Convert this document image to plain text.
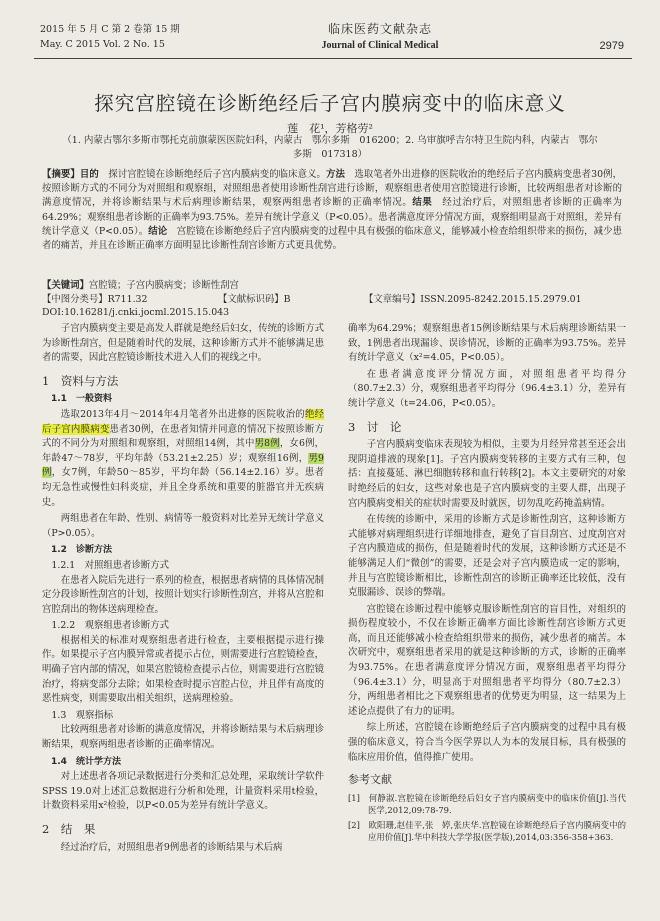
2015 年 5 月 C 第 2 卷第 15 期
May. C 2015 Vol. 2 No. 15
临床医药文献杂志
Journal of Clinical Medical	2979
探究宫腔镜在诊断绝经后子宫内膜病变中的临床意义
莲　花¹，芳格劳²
（1. 内蒙古鄂尔多斯市鄂托克前旗蒙医医院妇科，内蒙古　鄂尔多斯　016200；2. 乌审旗呼吉尔特卫生院内科，内蒙古　鄂尔多斯　017318）
【摘要】目的　探讨宫腔镜在诊断绝经后子宫内膜病变的临床意义。方法　选取笔者外出进修的医院收治的绝经后子宫内膜病变患者30例，按照诊断方式的不同分为对照组和观察组，对照组患者使用诊断性刮宫进行诊断，观察组患者使用宫腔镜进行诊断，比较两组患者对诊断的满意度情况，并将诊断结果与术后病理诊断结果，观察两组患者诊断的正确率情况。结果　经过治疗后，对照组患者诊断的正确率为64.29%；观察组患者诊断的正确率为93.75%。差异有统计学意义（P<0.05）。患者满意度评分情况方面，观察组明显高于对照组，差异有统计学意义（P<0.05）。结论　宫腔镜在诊断绝经后子宫内膜病变的过程中具有极强的临床意义，能够减小检查给组织带来的损伤，减少患者的痛苦，并且在诊断正确率方面明显比诊断性刮宫诊断方式更具优势。
【关键词】宫腔镜；子宫内膜病变；诊断性刮宫
【中图分类号】R711.32	【文献标识码】B	【文章编号】ISSN.2095-8242.2015.15.2979.01
DOI:10.16281/j.cnki.jocml.2015.15.043

子宫内膜病变主要是高发人群就是绝经后妇女，传统的诊断方式为诊断性刮宫，但是随着时代的发展，这种诊断方式并不能够满足患者的需要，因此宫腔镜诊断技术进入人们的视线之中。

1　资料与方法

1.1　一般资料

选取2013年4月～2014年4月笔者外出进修的医院收治的绝经后子宫内膜病变患者30例，在患者知情并同意的情况下按照诊断方式的不同分为对照组和观察组，对照组14例，其中男8例，女6例，年龄47～78岁，平均年龄（53.21±2.25）岁；观察组16例，男9例，女7例，年龄50～85岁，平均年龄（56.14±2.16）岁。患者均无急性或慢性妇科炎症，并且全身系统和重要的脏器官并无疾病史。

两组患者在年龄、性别、病情等一般资料对比差异无统计学意义（P>0.05）。

1.2　诊断方法

1.2.1　对照组患者诊断方式

在患者入院后先进行一系列的检查，根据患者病情的具体情况制定分段诊断性刮宫的计划，按照计划实行诊断性刮宫，并将从宫腔和宫腔刮出的物体送病理检查。

1.2.2　观察组患者诊断方式

根据相关的标准对观察组患者进行检查，主要根据提示进行操作。如果提示子宫内膜异常或者提示占位，则需要进行宫腔镜检查，明确子宫内部的情况，如果宫腔镜检查提示占位，则需要进行宫腔镜治疗，将病变部分去除；如果检查时提示宫腔占位，并且伴有高度的恶性病变，则需要取出相关组织，送病理检验。

1.3　观察指标

比较两组患者对诊断的满意度情况，并将诊断结果与术后病理诊断结果，观察两组患者诊断的正确率情况。

1.4　统计学方法

对上述患者各项记录数据进行分类和汇总处理，采取统计学软件SPSS 19.0对上述汇总数据进行分析和处理，计量资料采用t检验，计数资料采用x²检验，以P<0.05为差异有统计学意义。

2　结　果

经过治疗后，对照组患者9例患者的诊断结果与术后病

确率为64.29%；观察组患者15例诊断结果与术后病理诊断结果一致，1例患者出现漏诊、误诊情况，诊断的正确率为93.75%。差异有统计学意义（x²=4.05，P<0.05）。

在患者满意度评分情况方面，对照组患者平均得分（80.7±2.3）分，观察组患者平均得分（96.4±3.1）分，差异有统计学意义（t=24.06，P<0.05）。

3　讨　论

子宫内膜病变临床表现较为相似，主要为月经异常甚至还会出现阴道排液的现象[1]。子宫内膜病变转移的主要方式有三种，包括：直接蔓延、淋巴细胞转移和血行转移[2]。本文主要研究的对象时绝经后的妇女，这些对象也是子宫内膜病变的主要人群，出现子宫内膜病变相关的症状时需要及时就医，切勿乱吃药掩盖病情。

在传统的诊断中，采用的诊断方式是诊断性刮宫，这种诊断方式能够对病理组织进行详细地排查，避免了盲目刮宫、过度刮宫对子宫内膜造成的损伤，但是随着时代的发展，这种诊断方式还是不能够满足人们“微创”的需要，还是会对子宫内膜造成一定的影响，并且与宫腔镜诊断相比，诊断性刮宫的诊断正确率还比较低，没有克服漏诊、误诊的弊端。

宫腔镜在诊断过程中能够克服诊断性刮宫的盲目性，对组织的损伤程度较小，不仅在诊断正确率方面比诊断性刮宫诊断方式更高，而且还能够减小检查给组织带来的损伤，减少患者的痛苦。本次研究中，观察组患者采用的就是这种诊断的方式，诊断的正确率为93.75%。在患者满意度评分情况方面，观察组患者平均得分（96.4±3.1）分，明显高于对照组患者平均得分（80.7±2.3）分，两组患者相比之下观察组患者的优势更为明显，这一结果为上述论点提供了有力的证明。

综上所述，宫腔镜在诊断绝经后子宫内膜病变的过程中具有极强的临床意义，符合当今医学界以人为本的发展目标，具有极强的临床应用价值，值得推广使用。

参考文献

[1]　何静淑.宫腔镜在诊断绝经后妇女子宫内膜病变中的临床价值[J].当代医学,2012,09:78-79.

[2]　欧阳珊,赵佳平,张　婷,张庆华.宫腔镜在诊断绝经后子宫内膜病变中的应用价值[J].华中科技大学学报(医学版),2014,03:356-358+363.
